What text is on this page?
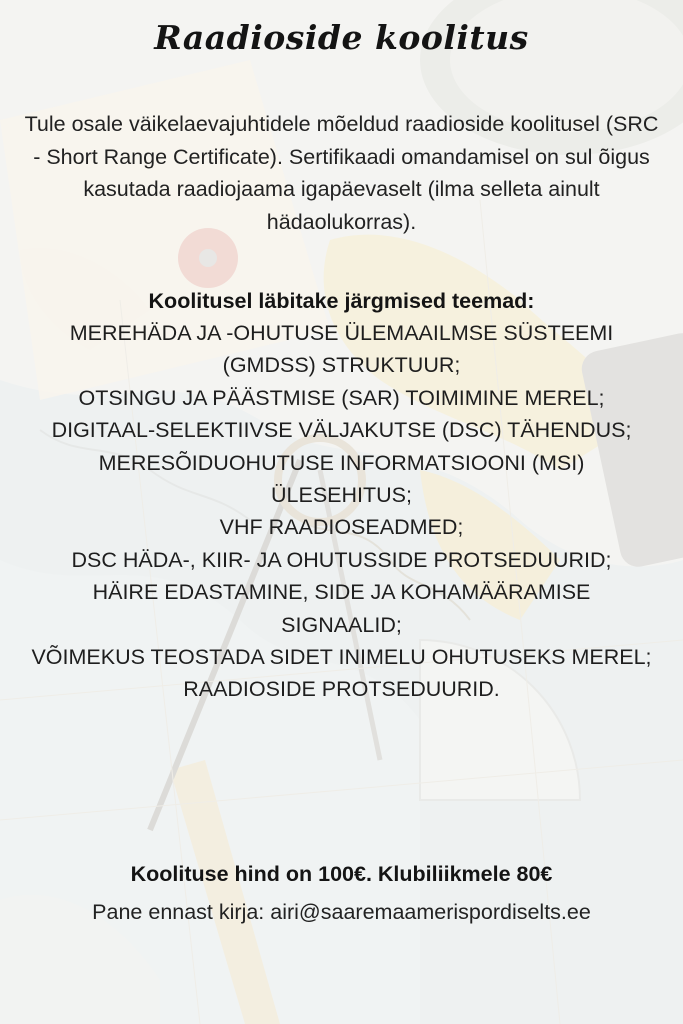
Raadioside koolitus

Tule osale väikelaevajuhtidele mõeldud raadioside koolitusel (SRC - Short Range Certificate). Sertifikaadi omandamisel on sul õigus kasutada raadiojaama igapäevaselt (ilma selleta ainult hädaolukorras).

Koolitusel läbitake järgmised teemad:

MEREHÄDA JA -OHUTUSE ÜLEMAAILMSE SÜSTEEMI (GMDSS) STRUKTUUR;
OTSINGU JA PÄÄSTMISE (SAR) TOIMIMINE MEREL;
DIGITAAL-SELEKTIIVSE VÄLJAKUTSE (DSC) TÄHENDUS;
MERESÕIDUOHUTUSE INFORMATSIOONI (MSI) ÜLESEHITUS;
VHF RAADIOSEADMED;
DSC HÄDA-, KIIR- JA OHUTUSSIDE PROTSEDUURID;
HÄIRE EDASTAMINE, SIDE JA KOHAMÄÄRAMISE SIGNAALID;
VÕIMEKUS TEOSTADA SIDET INIMELU OHUTUSEKS MEREL;
RAADIOSIDE PROTSEDUURID.

Koolituse hind on 100€. Klubiliikmele 80€

Pane ennast kirja: airi@saaremaamerispordiselts.ee
